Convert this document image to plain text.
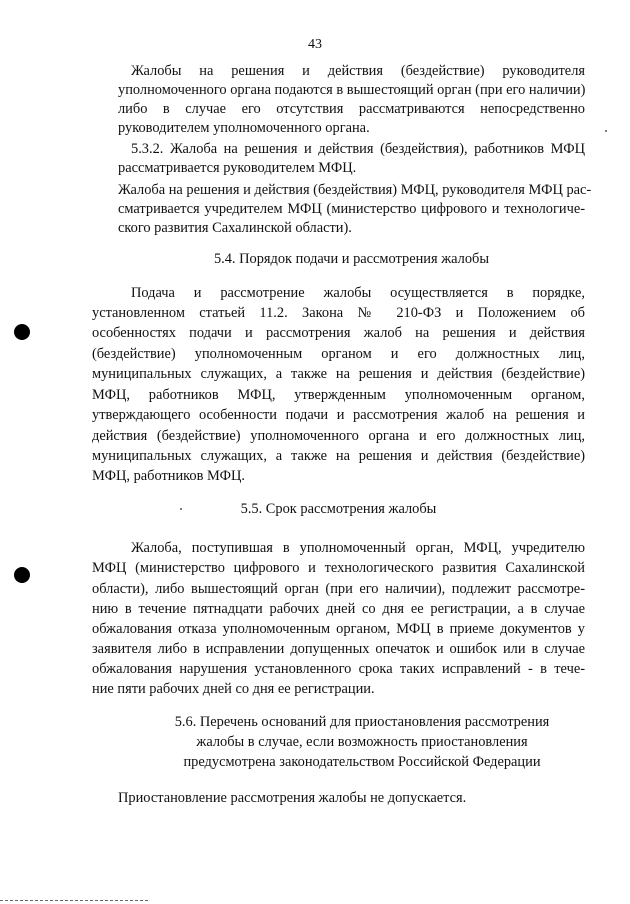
43
Жалобы на решения и действия (бездействие) руководителя
уполномоченного органа подаются в вышестоящий орган (при его наличии)
либо в случае его отсутствия рассматриваются непосредственно
руководителем уполномоченного органа.
5.3.2. Жалоба на решения и действия (бездействия), работников МФЦ
рассматривается руководителем МФЦ.
Жалоба на решения и действия (бездействия) МФЦ, руководителя МФЦ рас-
сматривается учредителем МФЦ (министерство цифрового и технологиче-
ского развития Сахалинской области).
5.4. Порядок подачи и рассмотрения жалобы
Подача и рассмотрение жалобы осуществляется в порядке,
установленном статьей 11.2. Закона № 210-ФЗ и Положением об
особенностях подачи и рассмотрения жалоб на решения и действия
(бездействие) уполномоченным органом и его должностных лиц,
муниципальных служащих, а также на решения и действия (бездействие)
МФЦ, работников МФЦ, утвержденным уполномоченным органом,
утверждающего особенности подачи и рассмотрения жалоб на решения и
действия (бездействие) уполномоченного органа и его должностных лиц,
муниципальных служащих, а также на решения и действия (бездействие)
МФЦ, работников МФЦ.
5.5. Срок рассмотрения жалобы
Жалоба, поступившая в уполномоченный орган, МФЦ, учредителю
МФЦ (министерство цифрового и технологического развития Сахалинской
области), либо вышестоящий орган (при его наличии), подлежит рассмотре-
нию в течение пятнадцати рабочих дней со дня ее регистрации, а в случае
обжалования отказа уполномоченным органом, МФЦ в приеме документов у
заявителя либо в исправлении допущенных опечаток и ошибок или в случае
обжалования нарушения установленного срока таких исправлений - в тече-
ние пяти рабочих дней со дня ее регистрации.
5.6. Перечень оснований для приостановления рассмотрения
жалобы в случае, если возможность приостановления
предусмотрена законодательством Российской Федерации
Приостановление рассмотрения жалобы не допускается.
